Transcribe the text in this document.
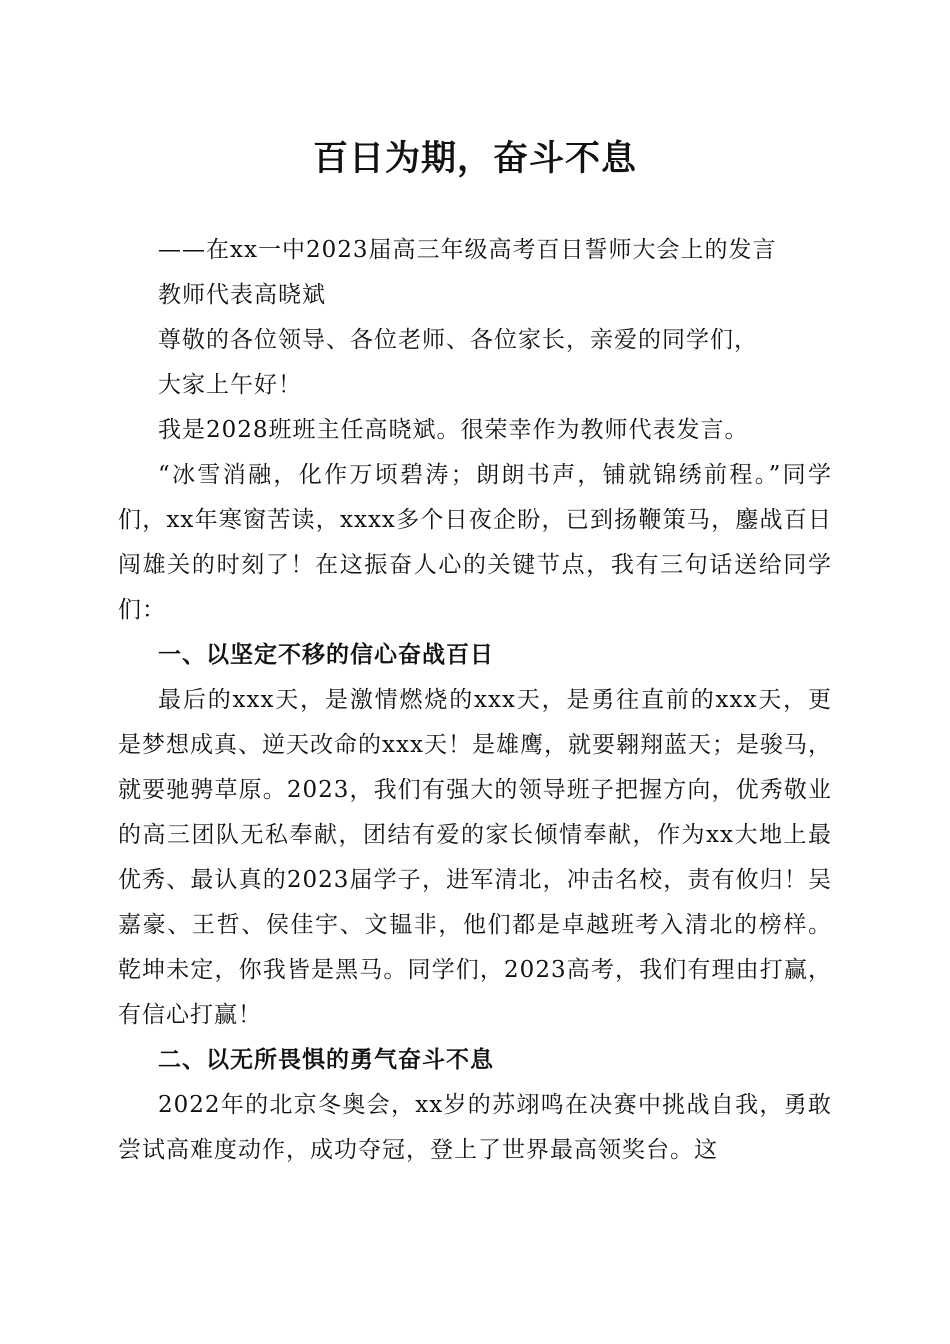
百日为期，奋斗不息

——在xx一中2023届高三年级高考百日誓师大会上的发言

教师代表高晓斌

尊敬的各位领导、各位老师、各位家长，亲爱的同学们，

大家上午好！

我是2028班班主任高晓斌。很荣幸作为教师代表发言。

“冰雪消融，化作万顷碧涛；朗朗书声，铺就锦绣前程。”同学们，xx年寒窗苦读，xxxx多个日夜企盼，已到扬鞭策马，鏖战百日闯雄关的时刻了！在这振奋人心的关键节点，我有三句话送给同学们：

一、以坚定不移的信心奋战百日

最后的xxx天，是激情燃烧的xxx天，是勇往直前的xxx天，更是梦想成真、逆天改命的xxx天！是雄鹰，就要翱翔蓝天；是骏马，就要驰骋草原。2023，我们有强大的领导班子把握方向，优秀敬业的高三团队无私奉献，团结有爱的家长倾情奉献，作为xx大地上最优秀、最认真的2023届学子，进军清北，冲击名校，责有攸归！吴嘉豪、王哲、侯佳宇、文韫非，他们都是卓越班考入清北的榜样。乾坤未定，你我皆是黑马。同学们，2023高考，我们有理由打赢，有信心打赢！

二、以无所畏惧的勇气奋斗不息

2022年的北京冬奥会，xx岁的苏翊鸣在决赛中挑战自我，勇敢尝试高难度动作，成功夺冠，登上了世界最高领奖台。这
